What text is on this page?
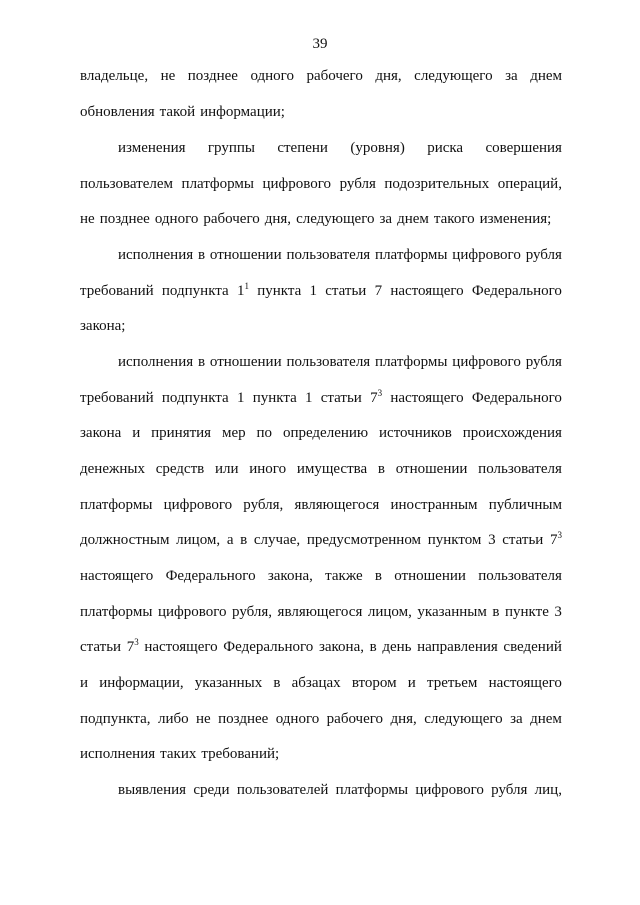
39
владельце, не позднее одного рабочего дня, следующего за днем
обновления такой информации;
изменения группы степени (уровня) риска совершения
пользователем платформы цифрового рубля подозрительных операций,
не позднее одного рабочего дня, следующего за днем такого изменения;
исполнения в отношении пользователя платформы цифрового рубля
требований подпункта $1^1$ пункта 1 статьи 7 настоящего Федерального
закона;
исполнения в отношении пользователя платформы цифрового рубля
требований подпункта 1 пункта 1 статьи $7^3$ настоящего Федерального
закона и принятия мер по определению источников происхождения
денежных средств или иного имущества в отношении пользователя
платформы цифрового рубля, являющегося иностранным публичным
должностным лицом, а в случае, предусмотренном пунктом 3 статьи $7^3$
настоящего Федерального закона, также в отношении пользователя
платформы цифрового рубля, являющегося лицом, указанным в пункте 3
статьи $7^3$ настоящего Федерального закона, в день направления сведений
и информации, указанных в абзацах втором и третьем настоящего
подпункта, либо не позднее одного рабочего дня, следующего за днем
исполнения таких требований;
выявления среди пользователей платформы цифрового рубля лиц,
